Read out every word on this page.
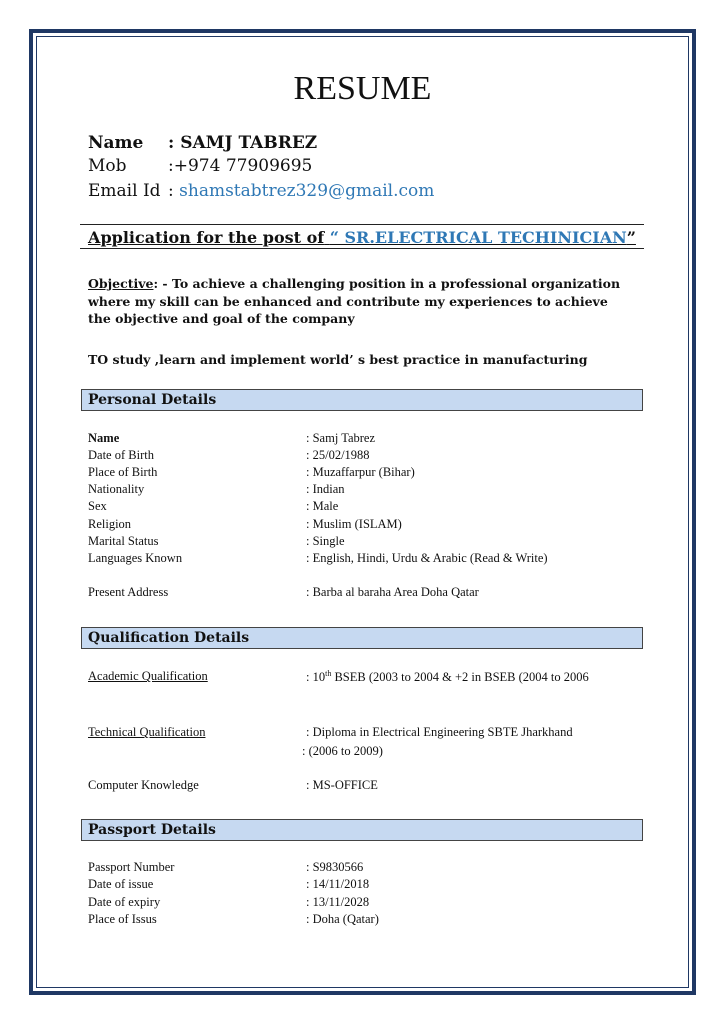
RESUME
Name : SAMJ TABREZ
Mob :+974 77909695
Email Id : shamstabtrez329@gmail.com
Application for the post of “ SR.ELECTRICAL TECHINICIAN”
Objective: - To achieve a challenging position in a professional organization where my skill can be enhanced and contribute my experiences to achieve the objective and goal of the company
TO study ,learn and implement world’ s best practice in manufacturing
Personal Details
Name	: Samj Tabrez
Date of Birth	: 25/02/1988
Place of Birth	: Muzaffarpur (Bihar)
Nationality	: Indian
Sex	: Male
Religion	: Muslim (ISLAM)
Marital Status	: Single
Languages Known	: English, Hindi, Urdu & Arabic (Read & Write)
Present Address	: Barba al baraha Area Doha Qatar
Qualification Details
Academic Qualification	: 10th BSEB (2003 to 2004 & +2 in BSEB (2004 to 2006
Technical Qualification	: Diploma in Electrical Engineering SBTE Jharkhand
: (2006 to 2009)
Computer Knowledge	: MS-OFFICE
Passport Details
Passport Number	: S9830566
Date of issue	: 14/11/2018
Date of expiry	: 13/11/2028
Place of Issus	: Doha (Qatar)
